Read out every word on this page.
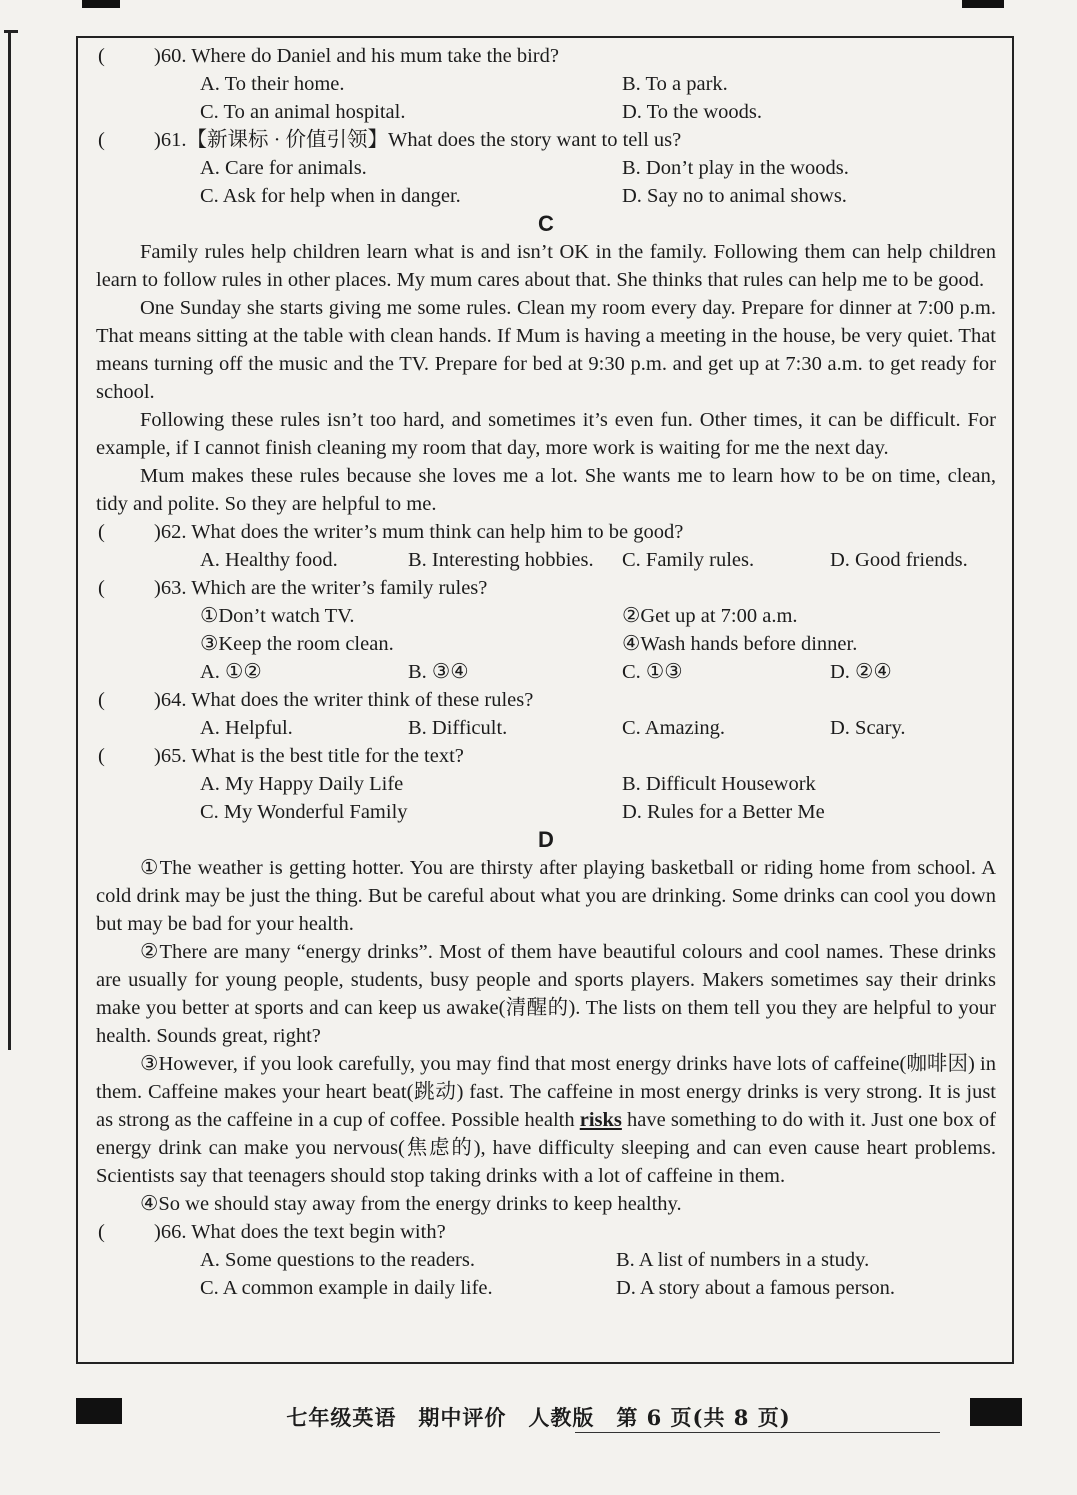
( )60. Where do Daniel and his mum take the bird?
A. To their home.	B. To a park.
C. To an animal hospital.	D. To the woods.
( )61.【新课标 · 价值引领】What does the story want to tell us?
A. Care for animals.	B. Don’t play in the woods.
C. Ask for help when in danger.	D. Say no to animal shows.
C

Family rules help children learn what is and isn’t OK in the family. Following them can help children learn to follow rules in other places. My mum cares about that. She thinks that rules can help me to be good.

One Sunday she starts giving me some rules. Clean my room every day. Prepare for dinner at 7:00 p.m. That means sitting at the table with clean hands. If Mum is having a meeting in the house, be very quiet. That means turning off the music and the TV. Prepare for bed at 9:30 p.m. and get up at 7:30 a.m. to get ready for school.

Following these rules isn’t too hard, and sometimes it’s even fun. Other times, it can be difficult. For example, if I cannot finish cleaning my room that day, more work is waiting for me the next day.

Mum makes these rules because she loves me a lot. She wants me to learn how to be on time, clean, tidy and polite. So they are helpful to me.

( )62. What does the writer’s mum think can help him to be good?
A. Healthy food.	B. Interesting hobbies. C. Family rules.	D. Good friends.
( )63. Which are the writer’s family rules?
①Don’t watch TV.	②Get up at 7:00 a.m.
③Keep the room clean.	④Wash hands before dinner.
A. ①②	B. ③④	C. ①③	D. ②④
( )64. What does the writer think of these rules?
A. Helpful.	B. Difficult.	C. Amazing.	D. Scary.
( )65. What is the best title for the text?
A. My Happy Daily Life	B. Difficult Housework
C. My Wonderful Family	D. Rules for a Better Me
D

①The weather is getting hotter. You are thirsty after playing basketball or riding home from school. A cold drink may be just the thing. But be careful about what you are drinking. Some drinks can cool you down but may be bad for your health.

②There are many “energy drinks”. Most of them have beautiful colours and cool names. These drinks are usually for young people, students, busy people and sports players. Makers sometimes say their drinks make you better at sports and can keep us awake(清醒的). The lists on them tell you they are helpful to your health. Sounds great, right?

③However, if you look carefully, you may find that most energy drinks have lots of caffeine(咖啡因) in them. Caffeine makes your heart beat(跳动) fast. The caffeine in most energy drinks is very strong. It is just as strong as the caffeine in a cup of coffee. Possible health risks have something to do with it. Just one box of energy drink can make you nervous(焦虑的), have difficulty sleeping and can even cause heart problems. Scientists say that teenagers should stop taking drinks with a lot of caffeine in them.

④So we should stay away from the energy drinks to keep healthy.

( )66. What does the text begin with?
A. Some questions to the readers.	B. A list of numbers in a study.
C. A common example in daily life.	D. A story about a famous person.
七年级英语　期中评价　人教版　第 6 页(共 8 页)
